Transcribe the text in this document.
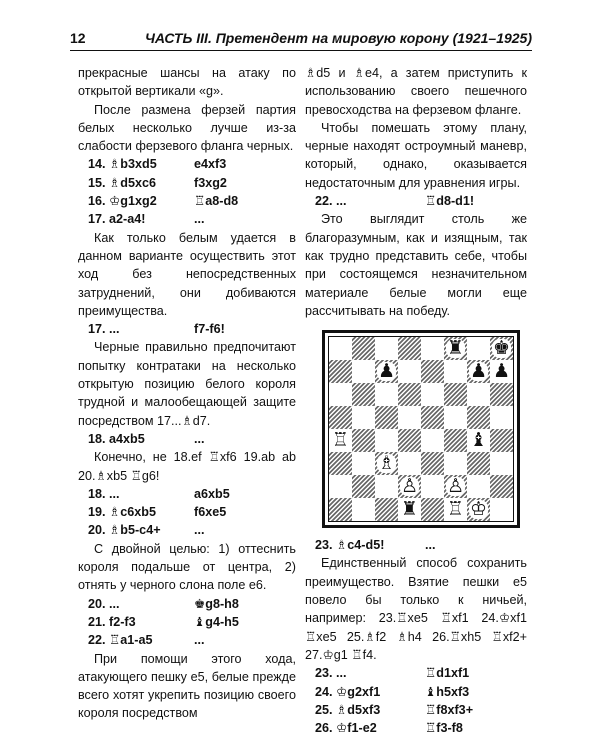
12	ЧАСТЬ III. Претендент на мировую корону (1921–1925)

прекрасные шансы на атаку по открытой вертикали «g».

После размена ферзей партия белых несколько лучше из-за слабости ферзевого фланга черных.

14. ♗b3xd5	e4xf3
15. ♗d5xc6	f3xg2
16. ♔g1xg2	♖a8-d8
17. a2-a4!	...

Как только белым удается в данном варианте осуществить этот ход без непосредственных затруднений, они добиваются преимущества.

17. ...	f7-f6!

Черные правильно предпочитают попытку контратаки на несколько открытую позицию белого короля трудной и малообещающей защите посредством 17...♗d7.

18. a4xb5	...

Конечно, не 18.ef ♖xf6 19.ab ab 20.♗xb5 ♖g6!

18. ...	a6xb5
19. ♗c6xb5	f6xe5
20. ♗b5-c4+	...

С двойной целью: 1) оттеснить короля подальше от центра, 2) отнять у черного слона поле e6.

20. ...	♚g8-h8
21. f2-f3	♝g4-h5
22. ♖a1-a5	...

При помощи этого хода, атакующего пешку e5, белые прежде всего хотят укрепить позицию своего короля посредством

♗d5 и ♗e4, а затем приступить к использованию своего пешечного превосходства на ферзевом фланге.

Чтобы помешать этому плану, черные находят остроумный маневр, который, однако, оказывается недостаточным для уравнения игры.

22. ...	♖d8-d1!

Это выглядит столь же благоразумным, как и изящным, так как трудно представить себе, чтобы при состоящемся незначительном материале белые могли еще рассчитывать на победу.

♜ ♚
♟	♟ ♟
♖	♝
♗
♙ ♙
♜ ♖ ♔
23. ♗c4-d5!	...

Единственный способ сохранить преимущество. Взятие пешки e5 повело бы только к ничьей, например: 23.♖xe5 ♖xf1 24.♔xf1 ♖xe5 25.♗f2 ♗h4 26.♖xh5 ♖xf2+ 27.♔g1 ♖f4.

23. ...	♖d1xf1
24. ♔g2xf1	♝h5xf3
25. ♗d5xf3	♖f8xf3+
26. ♔f1-e2	♖f3-f8
